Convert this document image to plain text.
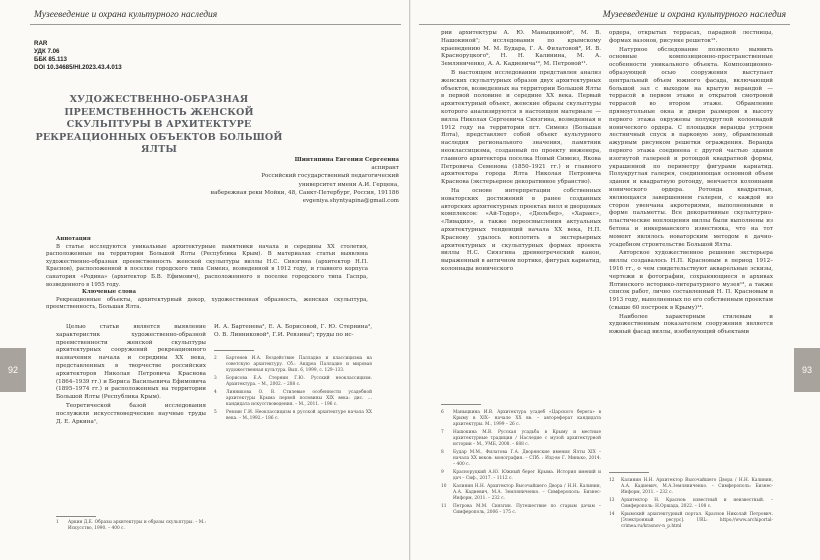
Музееведение и охрана культурного наследия
92
RAR
УДК 7.06
ББК 85.113
DOI 10.34685/HI.2023.43.4.013
ХУДОЖЕСТВЕННО-ОБРАЗНАЯ ПРЕЕМСТВЕННОСТЬ ЖЕНСКОЙ СКУЛЬПТУРЫ В АРХИТЕКТУРЕ РЕКРЕАЦИОННЫХ ОБЪЕКТОВ БОЛЬШОЙ ЯЛТЫ
Шинтяпина Евгения Сергеевна
аспирант
Российский государственный педагогический
университет имени А.И. Герцена,
набережная реки Мойки, 48, Санкт-Петербург, Россия, 191186
evgeniya.shyntyapina@gmail.com
Аннотация

В статье исследуются уникальные архитектурные памятники начала и середины XX столетия, расположенные на территории Большой Ялты (Республика Крым). В материалах статьи выявлена художественно-образная преемственность женской скульптуры виллы Н.С. Сиязгина (архитектор Н.П. Краснов), расположенной в поселке городского типа Симеиз, возведенной в 1912 году, и главного корпуса санатория «Родина» (архитектор Б.В. Ефимович), расположенного в поселке городского типа Гаспра, возведенного в 1955 году.

Ключевые слова

Рекреационные объекты, архитектурный декор, художественная образность, женская скульптура, преемственность, Большая Ялта.

Целью статьи является выявление характеристик художественно-образной преемственности женской скульптуры архитектурных сооружений рекреационного назначения начала и середины XX века, представленных в творчестве российских архитекторов Николая Петровича Краснова (1864–1939 гг.) и Бориса Васильевича Ефимовича (1895–1974 гг.) и расположенных на территории Большой Ялты (Республика Крым).

Теоретической базой исследования послужили искусствоведческие научные труды Д. Е. Аркина¹,

И. А. Бартеневa², Е. А. Борисовой, Г. Ю. Стернина³, О. В. Линниковой⁴, Г.И. Ревзина⁵; труды по ис-

1	Аркин Д.Е. Образы архитектуры и образы скульптуры. – М.: Искусство, 1990. – 400 с.
2	Бартенев И.А. Воздействие Палладио и классицизма на советскую архитектуру. Сб.: Андреа Палладио и мировая художественная культура. Вып. 6, 1999, с. 129–133.
3	Борисова Е.А. Стернин Г.Ю. Русский неоклассицизм. Архитектура. – М., 2002. – 288 с.
4	Линникова О. В. Стилевые особенности усадебной архитектуры Крыма первой половины XIX века: дис. … кандидата искусствоведения. – М., 2011. – 196 с.
5	Ревзин Г.И. Неоклассицизм в русской архитектуре начала XX века. – М.,1992.– 186 с.
Музееведение и охрана культурного наследия
93

рии архитектуры А. Ю. Маныцкиной⁶, М. В. Нашокиной⁷; исследования по крымскому краеведению М. М. Будара, Г. А. Филатовой⁸, И. В. Красноруцкого⁹, Н. Н. Калинина, М. А. Земляниченко, А. А. Кадиевича¹⁰, М. Петровой¹¹.

В настоящем исследовании представлен анализ женских скульптурных образов двух архитектурных объектов, возведенных на территории Большой Ялты в первой половине и середине XX века. Первый архитектурный объект, женские образы скульптуры которого анализируются в настоящем материале — вилла Николая Сергеевича Сиязгина, возведенная в 1912 году на территории пгт. Симеиз (Большая Ялта), представляет собой объект культурного наследия регионального значения, памятник неоклассицизма, созданный по проекту инженера, главного архитектора поселка Новый Симеиз, Якова Петровича Семенова (1850–1921 гг.) и главного архитектора города Ялта Николая Петровича Краснова (экстерьерное декоративное убранство).

На основе интерпретации собственных новаторских достижений в ранее созданных авторских архитектурных проектах вилл и дворцовых комплексов: «Ай-Тодор», «Дюльбер», «Харакс», «Ливадия», а также переосмысления актуальных архитектурных тенденций начала XX века, Н.П. Краснову удалось воплотить в экстерьерных архитектурных и скульптурных формах проекта виллы Н.С. Сиязгина древнегреческий канон, выраженный в античном портике, фигурах кариатид, колоннады ионического

ордера, открытых террасах, парадной лестницы, формах вазонов, рисунке решеток¹².

Натурное обследование позволило выявить основные композиционно-пространственные особенности уникального объекта. Композиционно-образующей осью сооружения выступает центральный объем южного фасада, включающий большой зал с выходом на крытую верандой — террасой в первом этаже и открытой смотровой террасой во втором этаже. Обрамление прямоугольные окна и двери размером в высоту первого этажа окружены полукруглой колоннадой ионического ордера. С площадки веранды устроен лестничный спуск в парковую зону, обрамленный ажурным рисунком решетки ограждения. Веранда первого этажа соединена с другой частью здания изогнутой галереей и ротондой квадратной формы, украшенной по периметру фигурами кариатид. Полукруглая галерея, соединяющая основной объем здания и квадратную ротонду, венчается колоннами ионического ордера. Ротонда квадратная, являющаяся завершением галереи, с каждой из сторон увенчана акротериями, выполненными в форме пальметты. Все декоративные скульптурно-пластические воплощения виллы были выполнены из бетона и инкерманского известняка, что на тот момент являлось новаторским методом в дачно-усадебном строительстве Большой Ялты.

Авторское художественное решение экстерьера виллы создавалось Н.П. Красновым в период 1912–1916 гг., о чем свидетельствуют акварельные эскизы, чертежи и фотографии, сохраняющиеся в архивах Ялтинского историко-литературного музея¹³, а также список работ, лично составленный Н. П. Красновым в 1913 году, выполненных по его собственным проектам (свыше 60 построек в Крыму)¹⁴.

Наиболее характерным стилевым и художественным показателем сооружения является южный фасад виллы, изобилующий объектами

6	Маныцкина И.В. Архитектура усадеб «Царского берега» в Крыму в XIX– начале XX вв. – автореферат кандидата архитектуры. М., 1999 – 26 с.
7	Нашокина М.В. Русская усадьба в Крыму и местные архитектурные традиции / Наследие с музой архитектурной истории – М., УМБ, 2008. – 688 с.
8	Будар М.М., Филатова Г.А. Дворянские имения Ялты XIX – начала XX веков: монография. – СПб. : Изд-во Г. Минько, 2014. – 400 с.
9	Красноруцкий А.Ю. Южный берег Крыма. История имений и дач – Сиф., 2017. – 1112 с.
10	Калинин Н.Н. Архитектор Высочайшего Двора / Н.Н. Калинин, А.А. Кадиевич, М.А. Земляниченко. – Симферополь: Бизнес-Информ, 2011. – 232 с.
11	Петрова М.М. Сиязгин. Путешествие по старым дачам – Симферополь, 2006 – 175 с.
12	Калинин Н.Н. Архитектор Высочайшего Двора / Н.Н. Калинин, А.А. Кадиевич, М.А.Земляниченко. – Симферополь: Бизнес-Информ, 2011. – 232 с.
13	Архитектор Н. Краснов: известный и неизвестный. – Симферополь: Н.Оршада, 2022. – 108 с.
14	Крымский архитектурный портал. Краснов Николай Петрович. [Электронный ресурс]. URL: https://www.archiportal-crimea.ru/krasnov-n_p.html
